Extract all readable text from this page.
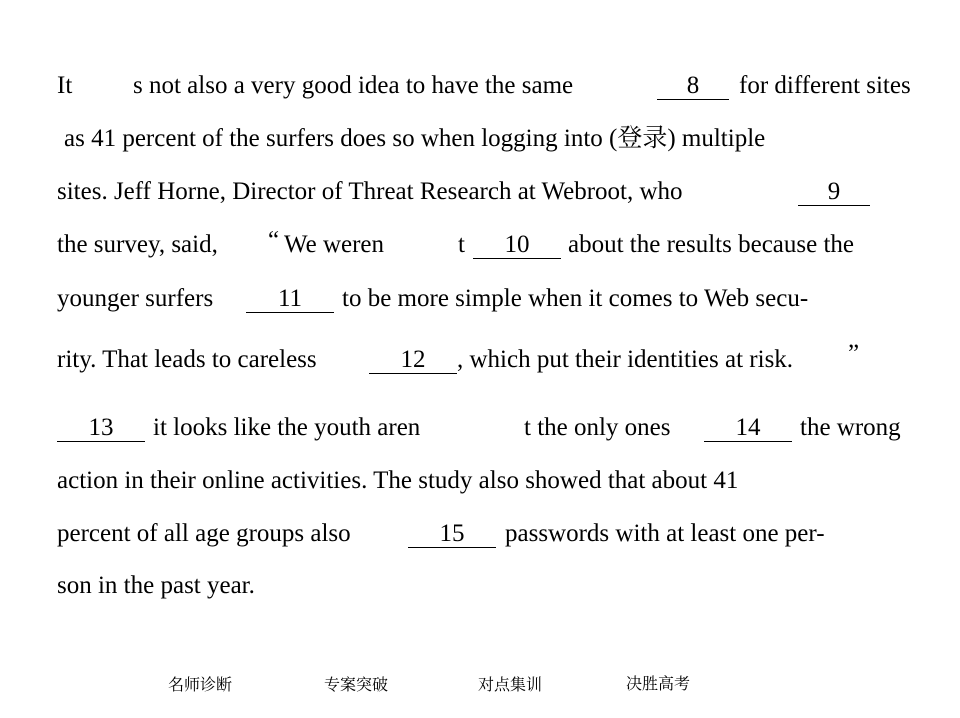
It s not also a very good idea to have the same	8	for different sites
as 41 percent of the surfers does so when logging into (登录) multiple
sites. Jeff Horne, Director of Threat Research at Webroot, who	9
the survey, said, “ We weren	t	10	about the results because the
younger surfers	11	to be more simple when it comes to Web secu-
rity. That leads to careless	12	, which put their identities at risk. ”
13	it looks like the youth aren	t the only ones	14	the wrong
action in their online activities. The study also showed that about 41
percent of all age groups also	15	passwords with at least one per-
son in the past year.
名师诊断	专案突破	对点集训	决胜高考
